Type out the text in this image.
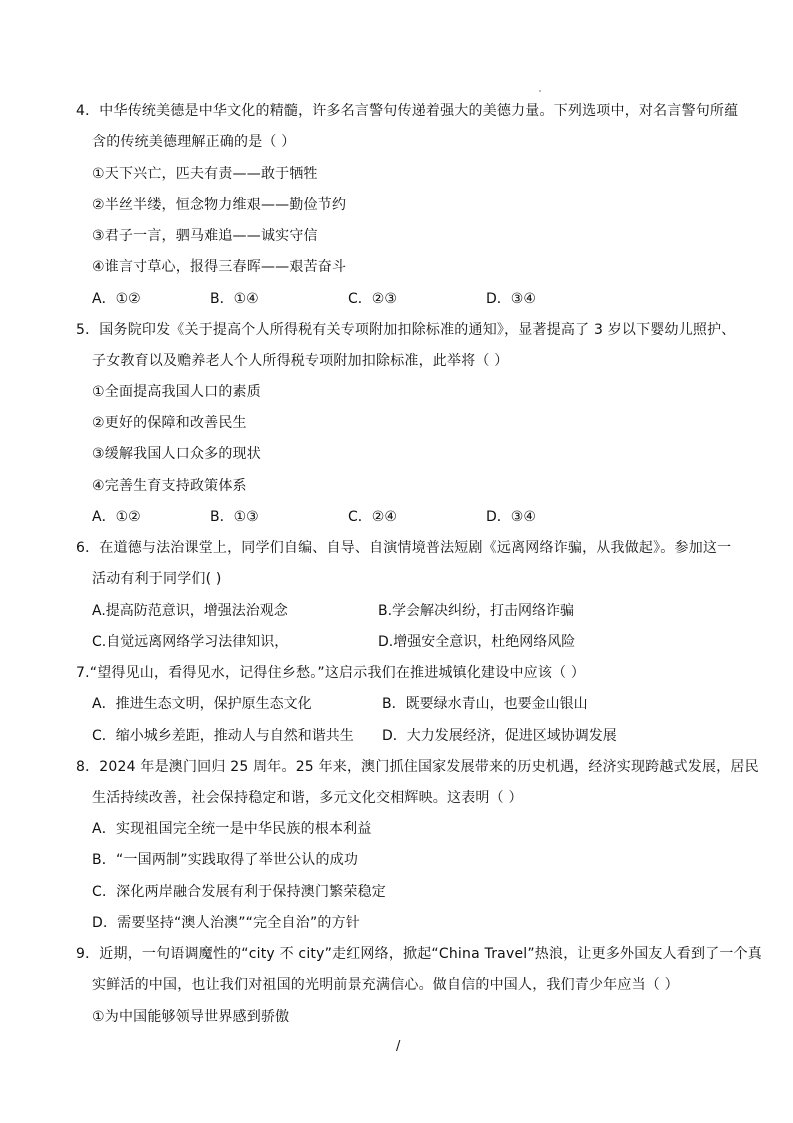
4．中华传统美德是中华文化的精髓，许多名言警句传递着强大的美德力量。下列选项中，对名言警句所蕴
含的传统美德理解正确的是（ ）
①天下兴亡，匹夫有责——敢于牺牲
②半丝半缕，恒念物力维艰——勤俭节约
③君子一言，驷马难追——诚实守信
④谁言寸草心，报得三春晖——艰苦奋斗
A．①②	B．①④	C．②③	D．③④
5．国务院印发《关于提高个人所得税有关专项附加扣除标准的通知》，显著提高了 3 岁以下婴幼儿照护、
子女教育以及赡养老人个人所得税专项附加扣除标准，此举将（ ）
①全面提高我国人口的素质
②更好的保障和改善民生
③缓解我国人口众多的现状
④完善生育支持政策体系
A．①②	B．①③	C．②④	D．③④
6．在道德与法治课堂上，同学们自编、自导、自演情境普法短剧《远离网络诈骗，从我做起》。参加这一
活动有利于同学们( )
A.提高防范意识，增强法治观念	B.学会解决纠纷，打击网络诈骗
C.自觉远离网络学习法律知识，	D.增强安全意识，杜绝网络风险
7.“望得见山，看得见水，记得住乡愁。”这启示我们在推进城镇化建设中应该（ ）
A．推进生态文明，保护原生态文化	B．既要绿水青山，也要金山银山
C．缩小城乡差距，推动人与自然和谐共生 D．大力发展经济，促进区域协调发展
8．2024 年是澳门回归 25 周年。25 年来，澳门抓住国家发展带来的历史机遇，经济实现跨越式发展，居民
生活持续改善，社会保持稳定和谐，多元文化交相辉映。这表明（ ）
A．实现祖国完全统一是中华民族的根本利益
B．“一国两制”实践取得了举世公认的成功
C．深化两岸融合发展有利于保持澳门繁荣稳定
D．需要坚持“澳人治澳”“完全自治”的方针
9．近期，一句语调魔性的“city 不 city”走红网络，掀起“China Travel”热浪，让更多外国友人看到了一个真
实鲜活的中国，也让我们对祖国的光明前景充满信心。做自信的中国人，我们青少年应当（ ）
①为中国能够领导世界感到骄傲
/
